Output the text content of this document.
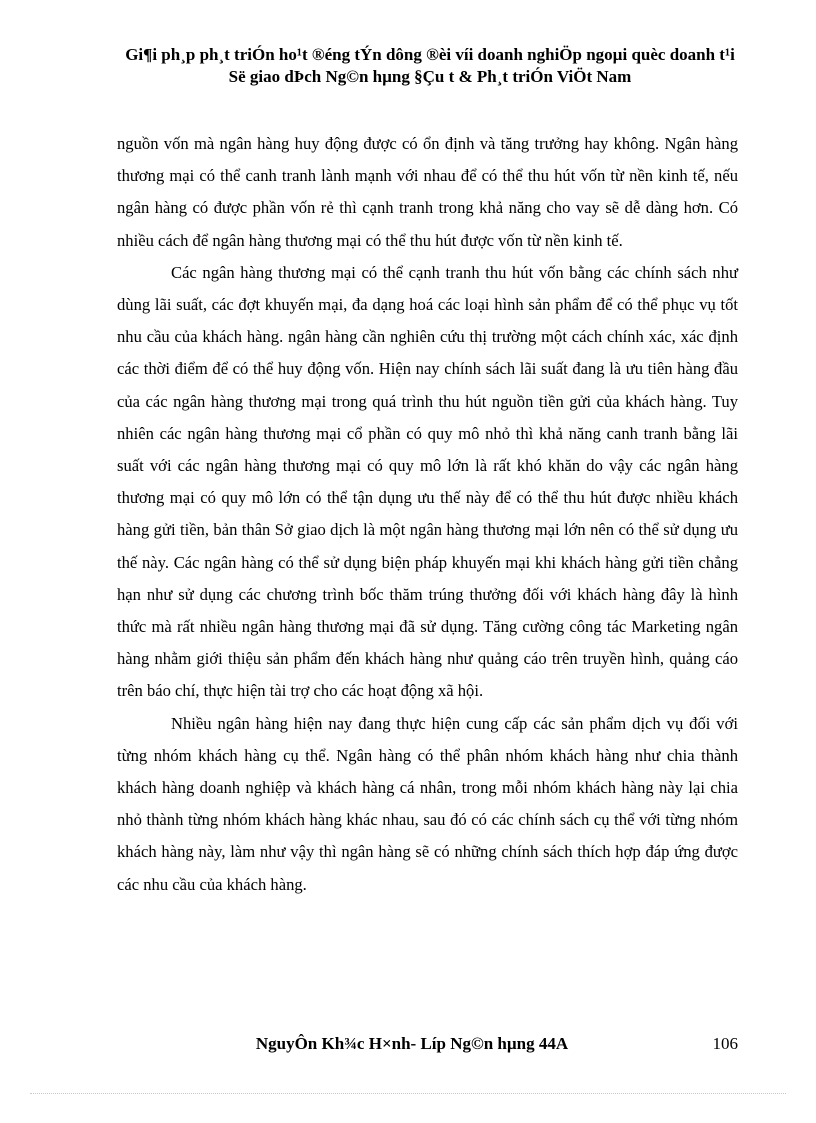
Gi¶i ph¸p ph¸t triÓn ho¹t ®éng tÝn dông ®èi víi doanh nghiÖp ngoµi quèc doanh t¹i

Së giao dÞch Ng©n hµng §Çu t & Ph¸t triÓn ViÖt Nam

nguồn vốn mà ngân hàng huy động được có ổn định và tăng trưởng hay không. Ngân hàng thương mại có thể canh tranh lành mạnh với nhau để có thể thu hút vốn từ nền kinh tế, nếu ngân hàng có được phần vốn rẻ thì cạnh tranh trong khả năng cho vay sẽ dễ dàng hơn. Có nhiều cách để ngân hàng thương mại có thể thu hút được vốn từ nền kinh tế.

Các ngân hàng thương mại có thể cạnh tranh thu hút vốn bằng các chính sách như dùng lãi suất, các đợt khuyến mại, đa dạng hoá các loại hình sản phẩm để có thể phục vụ tốt nhu cầu của khách hàng. ngân hàng cần nghiên cứu thị trường một cách chính xác, xác định các thời điểm để có thể huy động vốn. Hiện nay chính sách lãi suất đang là ưu tiên hàng đầu của các ngân hàng thương mại trong quá trình thu hút nguồn tiền gửi của khách hàng. Tuy nhiên các ngân hàng thương mại cổ phần có quy mô nhỏ thì khả năng canh tranh bằng lãi suất với các ngân hàng thương mại có quy mô lớn là rất khó khăn do vậy các ngân hàng thương mại có quy mô lớn có thể tận dụng ưu thế này để có thể thu hút được nhiều khách hàng gửi tiền, bản thân Sở giao dịch là một ngân hàng thương mại lớn nên có thể sử dụng ưu thế này. Các ngân hàng có thể sử dụng biện pháp khuyến mại khi khách hàng gửi tiền chẳng hạn như sử dụng các chương trình bốc thăm trúng thưởng đối với khách hàng đây là hình thức mà rất nhiều ngân hàng thương mại đã sử dụng. Tăng cường công tác Marketing ngân hàng nhằm giới thiệu sản phẩm đến khách hàng như quảng cáo trên truyền hình, quảng cáo trên báo chí, thực hiện tài trợ cho các hoạt động xã hội.

Nhiều ngân hàng hiện nay đang thực hiện cung cấp các sản phẩm dịch vụ đối với từng nhóm khách hàng cụ thể. Ngân hàng có thể phân nhóm khách hàng như chia thành khách hàng doanh nghiệp và khách hàng cá nhân, trong mỗi nhóm khách hàng này lại chia nhỏ thành từng nhóm khách hàng khác nhau, sau đó có các chính sách cụ thể với từng nhóm khách hàng này, làm như vậy thì ngân hàng sẽ có những chính sách thích hợp đáp ứng được các nhu cầu của khách hàng.

NguyÔn Kh¾c H×nh- Líp Ng©n hµng 44A	106
